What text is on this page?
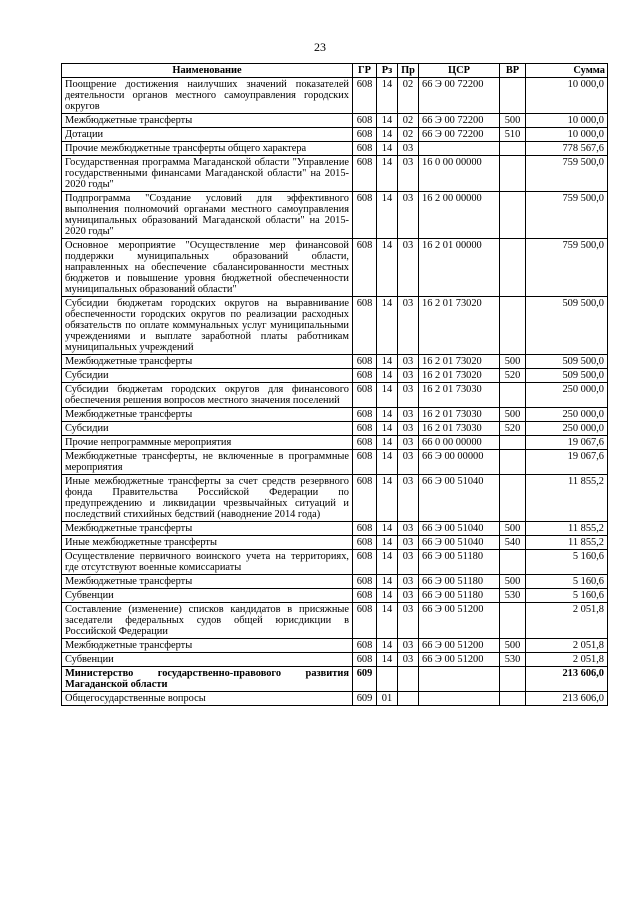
23
Наименование	ГР	Рз	Пр	ЦСР	ВР	Сумма
Поощрение достижения наилучших значений показателей деятельности органов местного самоуправления городских округов	608	14	02	66 Э 00 72200		10 000,0
Межбюджетные трансферты	608	14	02	66 Э 00 72200	500	10 000,0
Дотации	608	14	02	66 Э 00 72200	510	10 000,0
Прочие межбюджетные трансферты общего характера	608	14	03			778 567,6
Государственная программа Магаданской области "Управление государственными финансами Магаданской области" на 2015-2020 годы"	608	14	03	16 0 00 00000		759 500,0
Подпрограмма "Создание условий для эффективного выполнения полномочий органами местного самоуправления муниципальных образований Магаданской области" на 2015-2020 годы"	608	14	03	16 2 00 00000		759 500,0
Основное мероприятие "Осуществление мер финансовой поддержки муниципальных образований области, направленных на обеспечение сбалансированности местных бюджетов и повышение уровня бюджетной обеспеченности муниципальных образований области"	608	14	03	16 2 01 00000		759 500,0
Субсидии бюджетам городских округов на выравнивание обеспеченности городских округов по реализации расходных обязательств по оплате коммунальных услуг муниципальными учреждениями и выплате заработной платы работникам муниципальных учреждений	608	14	03	16 2 01 73020		509 500,0
Межбюджетные трансферты	608	14	03	16 2 01 73020	500	509 500,0
Субсидии	608	14	03	16 2 01 73020	520	509 500,0
Субсидии бюджетам городских округов для финансового обеспечения решения вопросов местного значения поселений	608	14	03	16 2 01 73030		250 000,0
Межбюджетные трансферты	608	14	03	16 2 01 73030	500	250 000,0
Субсидии	608	14	03	16 2 01 73030	520	250 000,0
Прочие непрограммные мероприятия	608	14	03	66 0 00 00000		19 067,6
Межбюджетные трансферты, не включенные в программные мероприятия	608	14	03	66 Э 00 00000		19 067,6
Иные межбюджетные трансферты за счет средств резервного фонда Правительства Российской Федерации по предупреждению и ликвидации чрезвычайных ситуаций и последствий стихийных бедствий (наводнение 2014 года)	608	14	03	66 Э 00 51040		11 855,2
Межбюджетные трансферты	608	14	03	66 Э 00 51040	500	11 855,2
Иные межбюджетные трансферты	608	14	03	66 Э 00 51040	540	11 855,2
Осуществление первичного воинского учета на территориях, где отсутствуют военные комиссариаты	608	14	03	66 Э 00 51180		5 160,6
Межбюджетные трансферты	608	14	03	66 Э 00 51180	500	5 160,6
Субвенции	608	14	03	66 Э 00 51180	530	5 160,6
Составление (изменение) списков кандидатов в присяжные заседатели федеральных судов общей юрисдикции в Российской Федерации	608	14	03	66 Э 00 51200		2 051,8
Межбюджетные трансферты	608	14	03	66 Э 00 51200	500	2 051,8
Субвенции	608	14	03	66 Э 00 51200	530	2 051,8
Министерство государственно-правового развития Магаданской области	609					213 606,0
Общегосударственные вопросы	609	01				213 606,0
